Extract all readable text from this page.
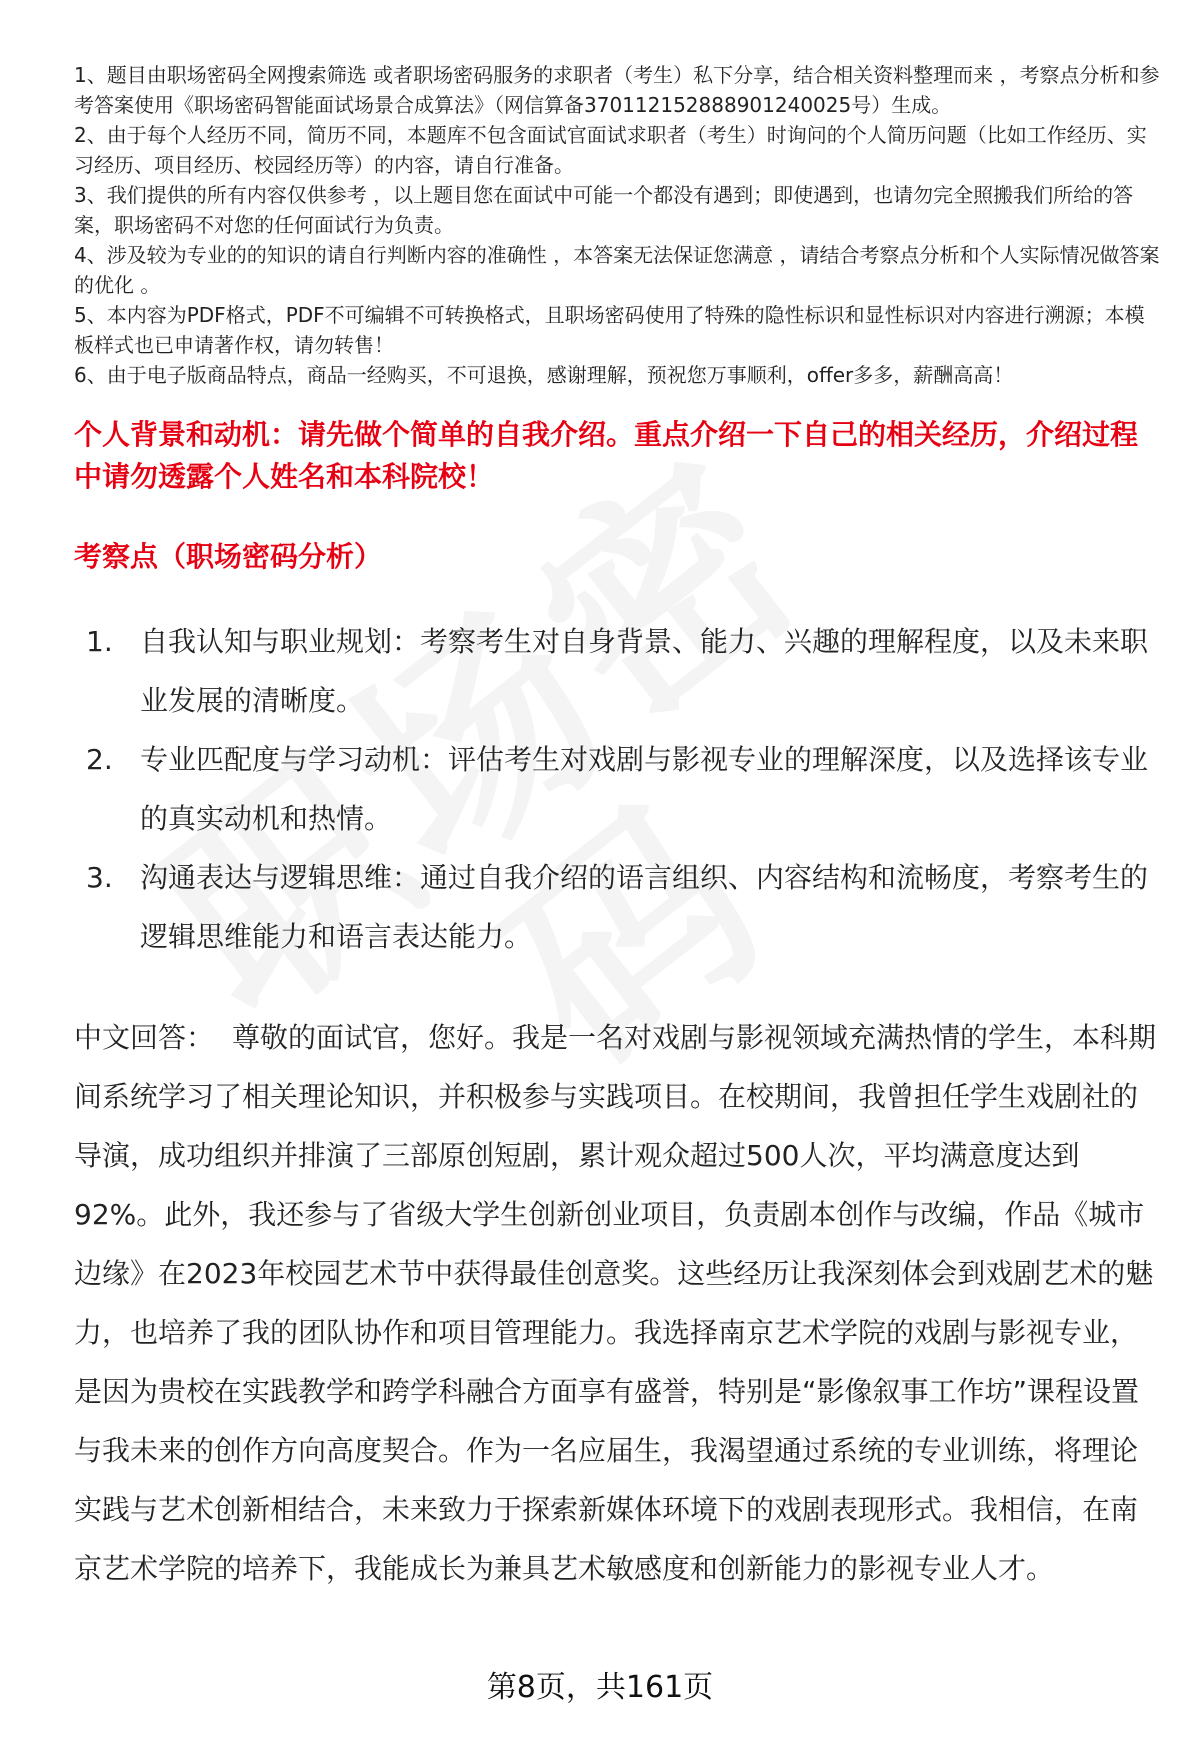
1、题目由职场密码全网搜索筛选 或者职场密码服务的求职者（考生）私下分享，结合相关资料整理而来 ，考察点分析和参考答案使用《职场密码智能面试场景合成算法》（网信算备370112152888901240025号）生成。

2、由于每个人经历不同，简历不同，本题库不包含面试官面试求职者（考生）时询问的个人简历问题（比如工作经历、实习经历、项目经历、校园经历等）的内容，请自行准备。

3、我们提供的所有内容仅供参考 ，以上题目您在面试中可能一个都没有遇到；即使遇到，也请勿完全照搬我们所给的答案，职场密码不对您的任何面试行为负责。

4、涉及较为专业的的知识的请自行判断内容的准确性 ，本答案无法保证您满意 ，请结合考察点分析和个人实际情况做答案的优化 。

5、本内容为PDF格式，PDF不可编辑不可转换格式，且职场密码使用了特殊的隐性标识和显性标识对内容进行溯源；本模板样式也已申请著作权，请勿转售！

6、由于电子版商品特点，商品一经购买，不可退换，感谢理解，预祝您万事顺利，offer多多，薪酬高高！

个人背景和动机：请先做个简单的自我介绍。重点介绍一下自己的相关经历，介绍过程中请勿透露个人姓名和本科院校！
考察点（职场密码分析）
1. 自我认知与职业规划：考察考生对自身背景、能力、兴趣的理解程度，以及未来职业发展的清晰度。
2. 专业匹配度与学习动机：评估考生对戏剧与影视专业的理解深度，以及选择该专业的真实动机和热情。
3. 沟通表达与逻辑思维：通过自我介绍的语言组织、内容结构和流畅度，考察考生的逻辑思维能力和语言表达能力。
中文回答： 尊敬的面试官，您好。我是一名对戏剧与影视领域充满热情的学生，本科期间系统学习了相关理论知识，并积极参与实践项目。在校期间，我曾担任学生戏剧社的导演，成功组织并排演了三部原创短剧，累计观众超过500人次，平均满意度达到92%。此外，我还参与了省级大学生创新创业项目，负责剧本创作与改编，作品《城市边缘》在2023年校园艺术节中获得最佳创意奖。这些经历让我深刻体会到戏剧艺术的魅力，也培养了我的团队协作和项目管理能力。我选择南京艺术学院的戏剧与影视专业，是因为贵校在实践教学和跨学科融合方面享有盛誉，特别是“影像叙事工作坊”课程设置与我未来的创作方向高度契合。作为一名应届生，我渴望通过系统的专业训练，将理论实践与艺术创新相结合，未来致力于探索新媒体环境下的戏剧表现形式。我相信，在南京艺术学院的培养下，我能成长为兼具艺术敏感度和创新能力的影视专业人才。
第8页，共161页
